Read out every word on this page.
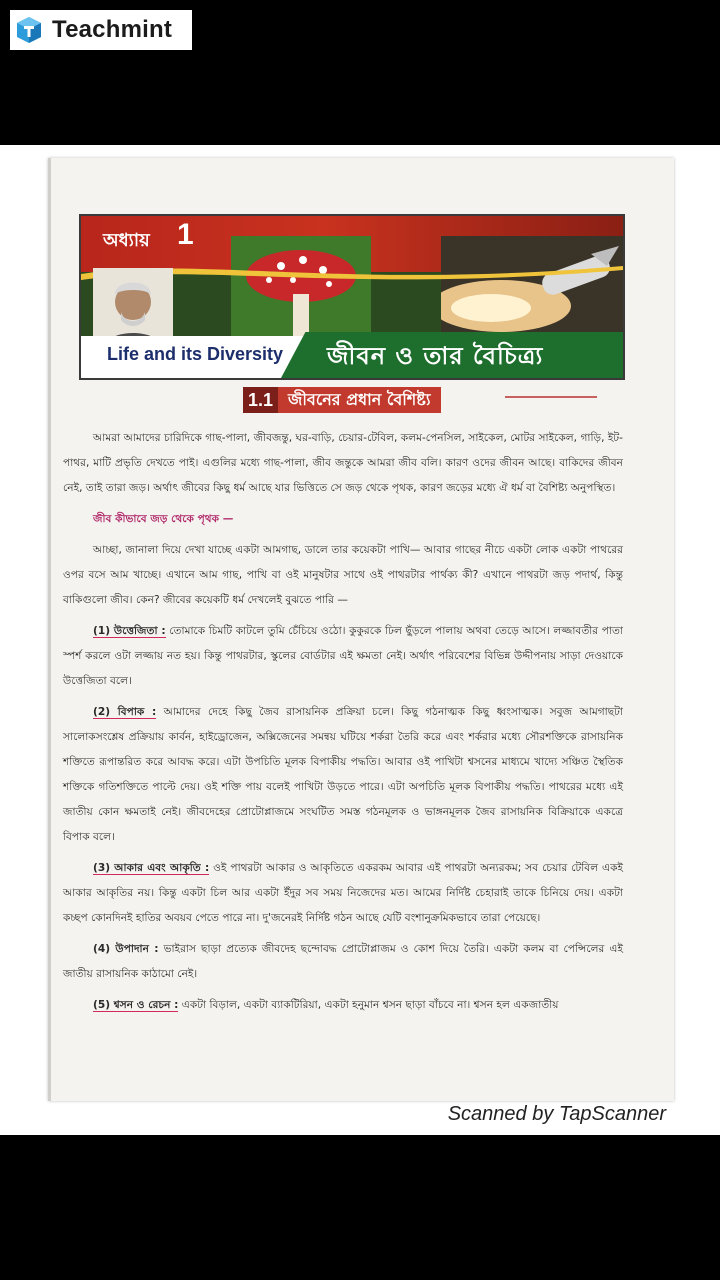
Teachmint
অধ্যায় 1
Life and its Diversity জীবন ও তার বৈচিত্র্য
1.1 জীবনের প্রধান বৈশিষ্ট্য

আমরা আমাদের চারিদিকে গাছ-পালা, জীবজন্তু, ঘর-বাড়ি, চেয়ার-টেবিল, কলম-পেনসিল, সাইকেল, মোটর সাইকেল, গাড়ি, ইট-পাথর, মাটি প্রভৃতি দেখতে পাই। এগুলির মধ্যে গাছ-পালা, জীব জন্তুকে আমরা জীব বলি। কারণ ওদের জীবন আছে। বাকিদের জীবন নেই, তাই তারা জড়। অর্থাৎ জীবের কিছু ধর্ম আছে যার ভিত্তিতে সে জড় থেকে পৃথক, কারণ জড়ের মধ্যে ঐ ধর্ম বা বৈশিষ্ট্য অনুপস্থিত।

জীব কীভাবে জড় থেকে পৃথক —

আচ্ছা, জানালা দিয়ে দেখা যাচ্ছে একটা আমগাছ, ডালে তার কয়েকটা পাখি— আবার গাছের নীচে একটা লোক একটা পাথরের ওপর বসে আম খাচ্ছে। এখানে আম গাছ, পাখি বা ওই মানুষটার সাথে ওই পাথরটার পার্থক্য কী? এখানে পাথরটা জড় পদার্থ, কিন্তু বাকিগুলো জীব। কেন? জীবের কয়েকটি ধর্ম দেখলেই বুঝতে পারি —

(1) উত্তেজিতা : তোমাকে চিমটি কাটলে তুমি চেঁচিয়ে ওঠো। কুকুরকে ঢিল ছুঁড়লে পালায় অথবা তেড়ে আসে। লজ্জাবতীর পাতা স্পর্শ করলে ওটা লজ্জায় নত হয়। কিন্তু পাথরটার, স্কুলের বোর্ডটার এই ক্ষমতা নেই। অর্থাৎ পরিবেশের বিভিন্ন উদ্দীপনায় সাড়া দেওয়াকে উত্তেজিতা বলে।

(2) বিপাক : আমাদের দেহে কিছু জৈব রাসায়নিক প্রক্রিয়া চলে। কিছু গঠনাত্মক কিছু ধ্বংসাত্মক। সবুজ আমগাছটা সালোকসংশ্লেষ প্রক্রিয়ায় কার্বন, হাইড্রোজেন, অক্সিজেনের সমন্বয় ঘটিয়ে শর্করা তৈরি করে এবং শর্করার মধ্যে সৌরশক্তিকে রাসায়নিক শক্তিতে রূপান্তরিত করে আবদ্ধ করে। এটা উপচিতি মূলক বিপাকীয় পদ্ধতি। আবার ওই পাখিটা শ্বসনের মাধ্যমে খাদ্যে সঞ্চিত স্থৈতিক শক্তিকে গতিশক্তিতে পাল্টে দেয়। ওই শক্তি পায় বলেই পাখিটা উড়তে পারে। এটা অপচিতি মূলক বিপাকীয় পদ্ধতি। পাথরের মধ্যে এই জাতীয় কোন ক্ষমতাই নেই। জীবদেহের প্রোটোপ্লাজমে সংঘটিত সমস্ত গঠনমূলক ও ভাঙ্গনমূলক জৈব রাসায়নিক বিক্রিয়াকে একত্রে বিপাক বলে।

(3) আকার এবং আকৃতি : ওই পাথরটা আকার ও আকৃতিতে একরকম আবার এই পাথরটা অন্যরকম; সব চেয়ার টেবিল একই আকার আকৃতির নয়। কিন্তু একটা চিল আর একটা ইঁদুর সব সময় নিজেদের মত। আমের নির্দিষ্ট চেহারাই তাকে চিনিয়ে দেয়। একটা কচ্ছপ কোনদিনই হাতির অবয়ব পেতে পারে না। দু'জনেরই নির্দিষ্ট গঠন আছে যেটি বংশানুক্রমিকভাবে তারা পেয়েছে।

(4) উপাদান : ভাইরাস ছাড়া প্রত্যেক জীবদেহ ছন্দোবদ্ধ প্রোটোপ্লাজম ও কোশ দিয়ে তৈরি। একটা কলম বা পেন্সিলের এই জাতীয় রাসায়নিক কাঠামো নেই।

(5) শ্বসন ও রেচন : একটা বিড়াল, একটা ব্যাকটিরিয়া, একটা হনুমান শ্বসন ছাড়া বাঁচবে না। শ্বসন হল একজাতীয়

Scanned by TapScanner
